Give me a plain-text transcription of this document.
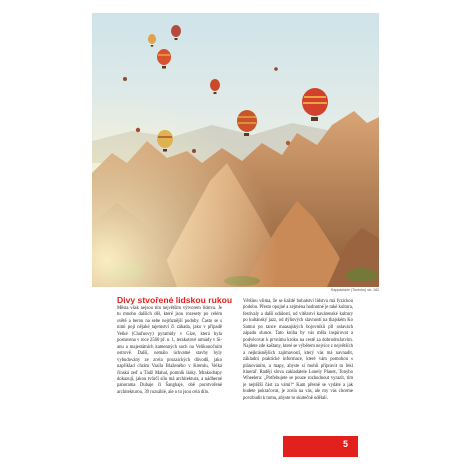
Kappadokie (Turecko) str. 182
Divy stvořené lidskou rukou

Města však nejsou tím největším výtvorem lidstva. Je tu mnoho dalších děl, které jsou rozesety po celém světě a berou na sebe nejrůznější podoby. Často se s nimi pojí nějaké tajemství či záhada, jako v případě Velké (Chufuovy) pyramidy v Gíze, která byla postavena v roce 2560 př. n. l., terakotové armády v Si-anu a majestátních kamenných soch na Velikonočním ostrově. Další, nemálo úchvatné stavby byly vybudovány ze zcela prozaických důvodů, jako například chrám Vasila Blaženého v Kremlu, Velká čínská zeď a Tádž Mahal, pomník lásky. Mrakodrapy dokazují, jakou tvůrčí sílu má architektura, a nádherné panorama Dubaje či Šanghaje, obě porotvořené architekturou, 39 rozsáhlé, ale o to jsou celá dílo.

Většinu všima, že se každé bohatství lidstva má fyzickou podobu. Přesto opojné a zejména hodnotné je také kultura, festivaly a další události, od vítězství kavárenské kultury po kubánský jazz, od dýňových slavností na thajském Ko Samui po tance maasajských bojovníků při oslavách západu slunce. Tato kniha by vás měla inspirovat a podvěcovat k prvnímu kroku na cestě za dobrodružstvím. Najdete zde kaštany, které se výběrem nejvíce z největších a nejkrásnějších zajímavostí, který vás má navnadit, základní praktické informace, které vám pomohou s plánováním, a mapy, abyste si mohli připravit tu řekl itinerář. Raději slova zakladatele Lonely Planet, Tonyho Wheelera: „Potřebujete se pouze rozhodnout vyrazit, tím je nejtěžší část za vámi!“ Kam přesně se vydáte a jak budete pokračovat, je zcela na vás, ale my vás chceme povzbudit k tomu, abyste to skutečně udělali.

5
